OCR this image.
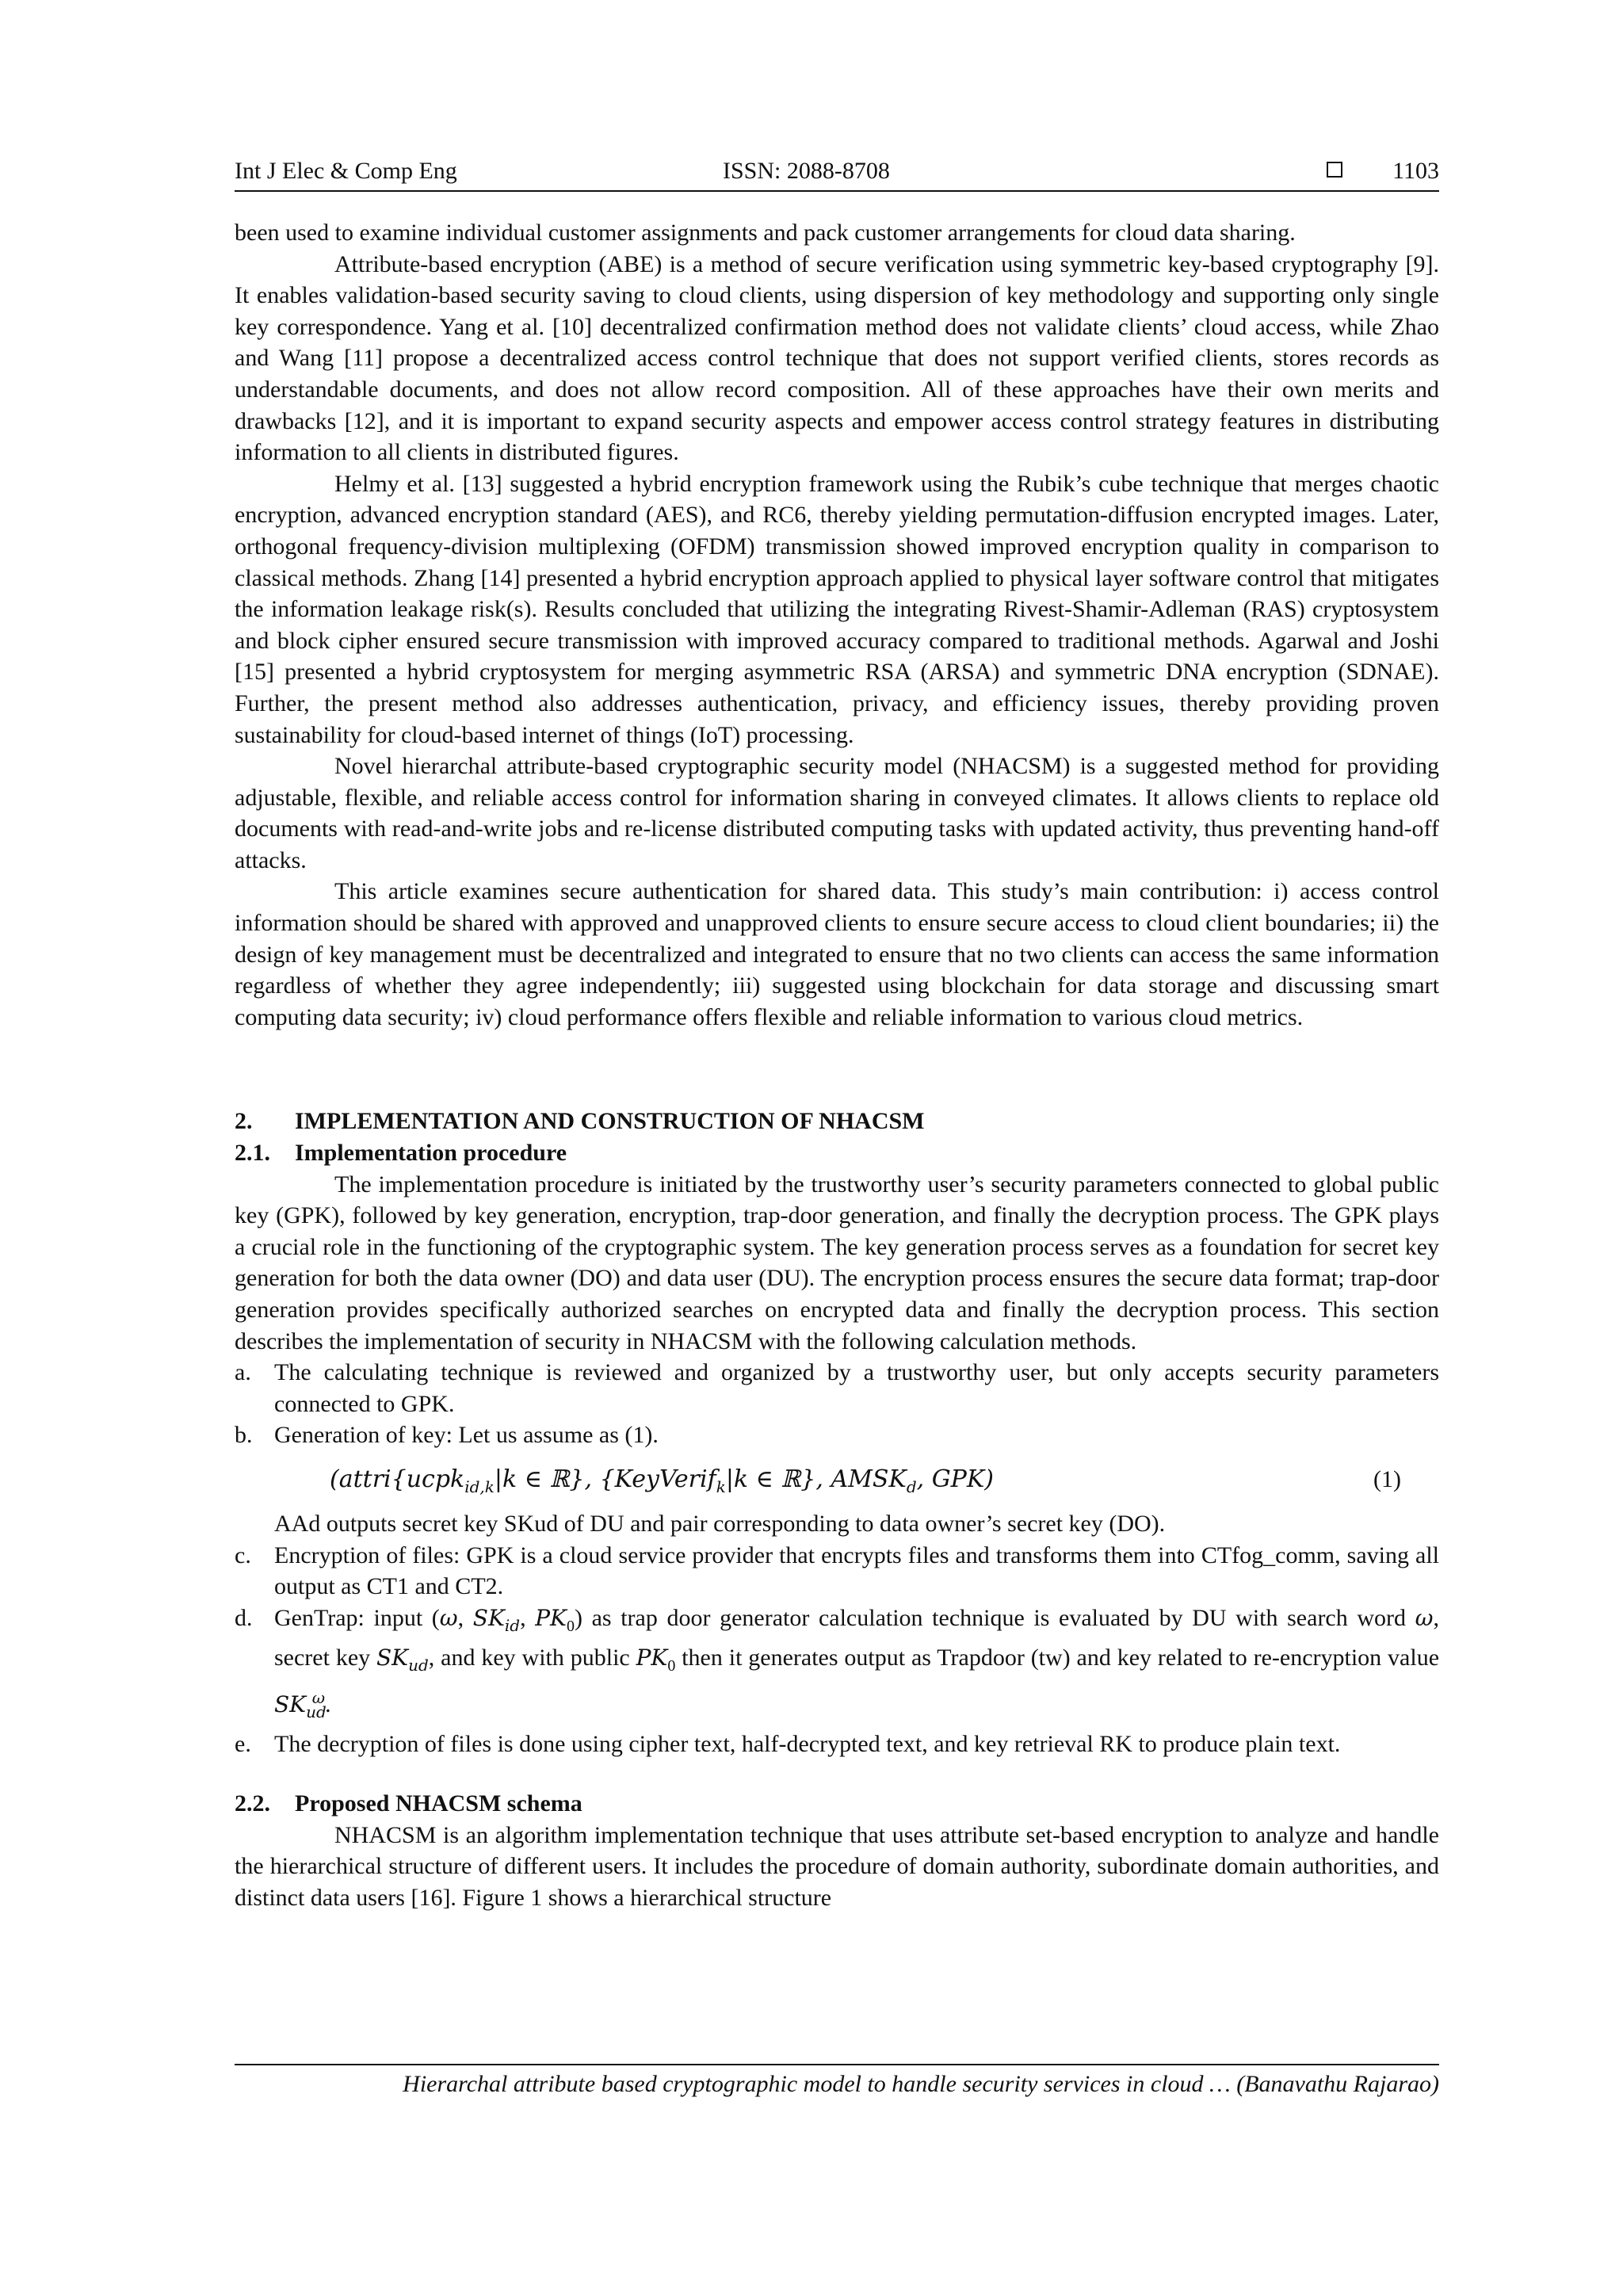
Int J Elec & Comp Eng	ISSN: 2088-8708	1103

been used to examine individual customer assignments and pack customer arrangements for cloud data sharing.

Attribute-based encryption (ABE) is a method of secure verification using symmetric key-based cryptography [9]. It enables validation-based security saving to cloud clients, using dispersion of key methodology and supporting only single key correspondence. Yang et al. [10] decentralized confirmation method does not validate clients’ cloud access, while Zhao and Wang [11] propose a decentralized access control technique that does not support verified clients, stores records as understandable documents, and does not allow record composition. All of these approaches have their own merits and drawbacks [12], and it is important to expand security aspects and empower access control strategy features in distributing information to all clients in distributed figures.

Helmy et al. [13] suggested a hybrid encryption framework using the Rubik’s cube technique that merges chaotic encryption, advanced encryption standard (AES), and RC6, thereby yielding permutation-diffusion encrypted images. Later, orthogonal frequency-division multiplexing (OFDM) transmission showed improved encryption quality in comparison to classical methods. Zhang [14] presented a hybrid encryption approach applied to physical layer software control that mitigates the information leakage risk(s). Results concluded that utilizing the integrating Rivest-Shamir-Adleman (RAS) cryptosystem and block cipher ensured secure transmission with improved accuracy compared to traditional methods. Agarwal and Joshi [15] presented a hybrid cryptosystem for merging asymmetric RSA (ARSA) and symmetric DNA encryption (SDNAE). Further, the present method also addresses authentication, privacy, and efficiency issues, thereby providing proven sustainability for cloud-based internet of things (IoT) processing.

Novel hierarchal attribute-based cryptographic security model (NHACSM) is a suggested method for providing adjustable, flexible, and reliable access control for information sharing in conveyed climates. It allows clients to replace old documents with read-and-write jobs and re-license distributed computing tasks with updated activity, thus preventing hand-off attacks.

This article examines secure authentication for shared data. This study’s main contribution: i) access control information should be shared with approved and unapproved clients to ensure secure access to cloud client boundaries; ii) the design of key management must be decentralized and integrated to ensure that no two clients can access the same information regardless of whether they agree independently; iii) suggested using blockchain for data storage and discussing smart computing data security; iv) cloud performance offers flexible and reliable information to various cloud metrics.

2. IMPLEMENTATION AND CONSTRUCTION OF NHACSM
2.1. Implementation procedure

The implementation procedure is initiated by the trustworthy user’s security parameters connected to global public key (GPK), followed by key generation, encryption, trap-door generation, and finally the decryption process. The GPK plays a crucial role in the functioning of the cryptographic system. The key generation process serves as a foundation for secret key generation for both the data owner (DO) and data user (DU). The encryption process ensures the secure data format; trap-door generation provides specifically authorized searches on encrypted data and finally the decryption process. This section describes the implementation of security in NHACSM with the following calculation methods.

a. The calculating technique is reviewed and organized by a trustworthy user, but only accepts security parameters connected to GPK.
b. Generation of key: Let us assume as (1).
(attri{ucpk$_{id,k}$|k ∈ ℝ}, {KeyVerif$_k$|k ∈ ℝ}, $AMSK_d$, GPK)	(1)
AAd outputs secret key SKud of DU and pair corresponding to data owner’s secret key (DO).
c. Encryption of files: GPK is a cloud service provider that encrypts files and transforms them into CTfog_comm, saving all output as CT1 and CT2.
d. GenTrap: input (ω, $SK_{id}$, $PK_0$) as trap door generator calculation technique is evaluated by DU with search word ω, secret key $SK_{ud}$, and key with public $PK_0$ then it generates output as Trapdoor (tw) and key related to re-encryption value $SK_{ud}^\omega$.
e. The decryption of files is done using cipher text, half-decrypted text, and key retrieval RK to produce plain text.
2.2. Proposed NHACSM schema

NHACSM is an algorithm implementation technique that uses attribute set-based encryption to analyze and handle the hierarchical structure of different users. It includes the procedure of domain authority, subordinate domain authorities, and distinct data users [16]. Figure 1 shows a hierarchical structure

Hierarchal attribute based cryptographic model to handle security services in cloud … (Banavathu Rajarao)
